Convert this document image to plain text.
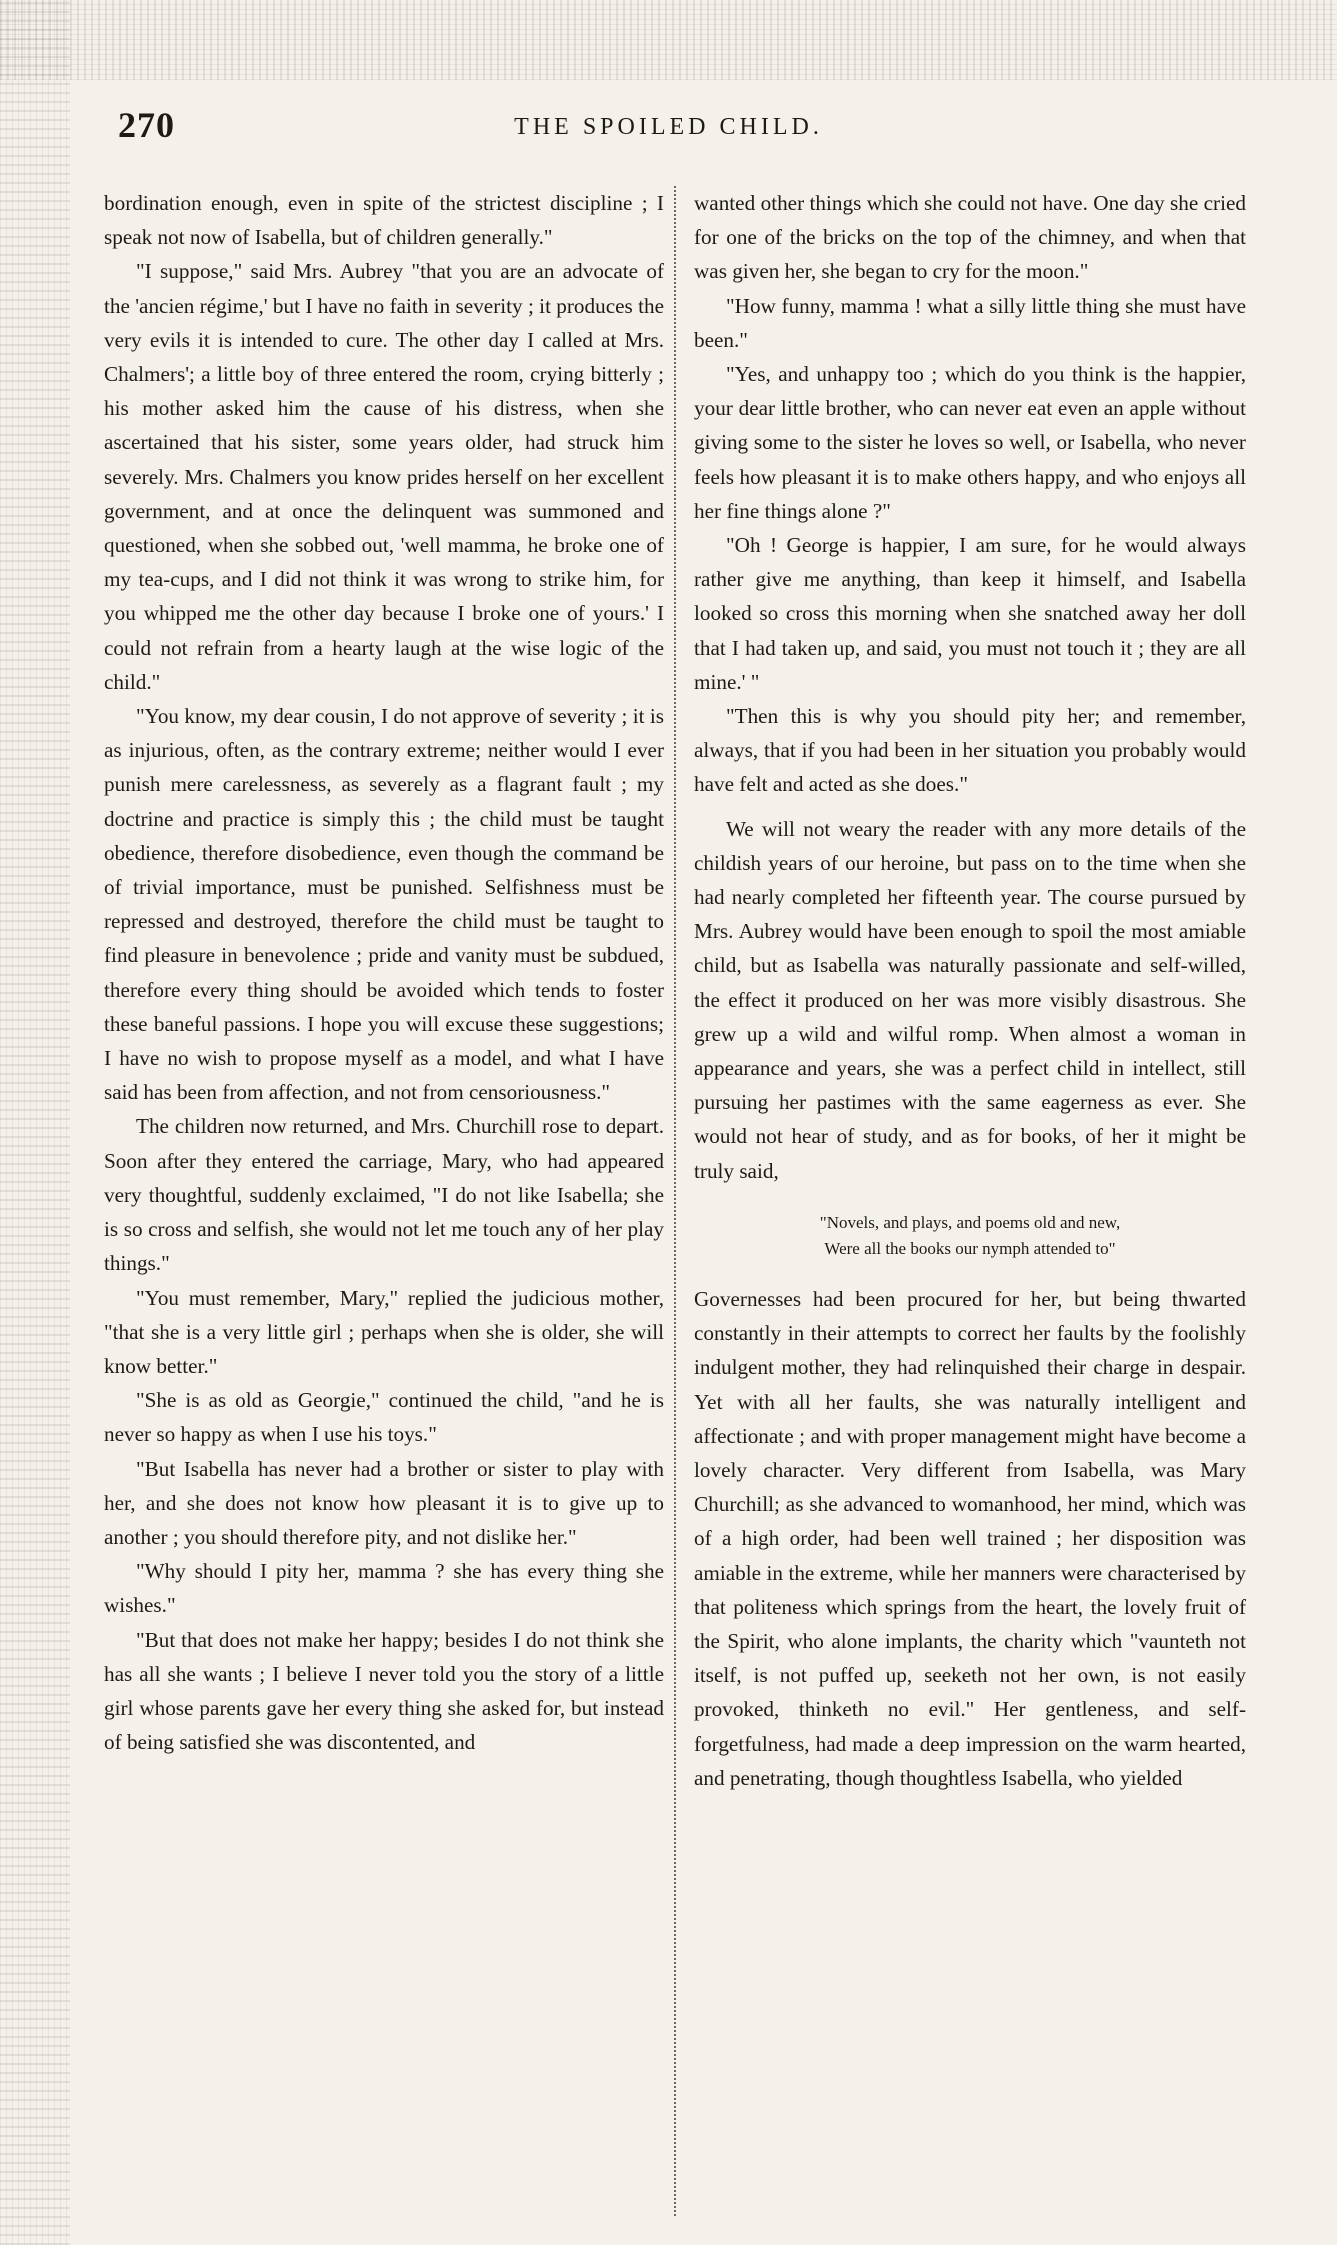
270	THE SPOILED CHILD.

bordination enough, even in spite of the strictest discipline ; I speak not now of Isabella, but of children generally."

"I suppose," said Mrs. Aubrey "that you are an advocate of the 'ancien régime,' but I have no faith in severity ; it produces the very evils it is intended to cure. The other day I called at Mrs. Chalmers'; a little boy of three entered the room, crying bitterly ; his mother asked him the cause of his distress, when she ascertained that his sister, some years older, had struck him severely. Mrs. Chalmers you know prides herself on her excellent government, and at once the delinquent was summoned and questioned, when she sobbed out, 'well mamma, he broke one of my tea-cups, and I did not think it was wrong to strike him, for you whipped me the other day because I broke one of yours.' I could not refrain from a hearty laugh at the wise logic of the child."

"You know, my dear cousin, I do not approve of severity ; it is as injurious, often, as the contrary extreme; neither would I ever punish mere carelessness, as severely as a flagrant fault ; my doctrine and practice is simply this ; the child must be taught obedience, therefore disobedience, even though the command be of trivial importance, must be punished. Selfishness must be repressed and destroyed, therefore the child must be taught to find pleasure in benevolence ; pride and vanity must be subdued, therefore every thing should be avoided which tends to foster these baneful passions. I hope you will excuse these suggestions; I have no wish to propose myself as a model, and what I have said has been from affection, and not from censoriousness."

The children now returned, and Mrs. Churchill rose to depart. Soon after they entered the carriage, Mary, who had appeared very thoughtful, suddenly exclaimed, "I do not like Isabella; she is so cross and selfish, she would not let me touch any of her play things."

"You must remember, Mary," replied the judicious mother, "that she is a very little girl ; perhaps when she is older, she will know better."

"She is as old as Georgie," continued the child, "and he is never so happy as when I use his toys."

"But Isabella has never had a brother or sister to play with her, and she does not know how pleasant it is to give up to another ; you should therefore pity, and not dislike her."

"Why should I pity her, mamma ? she has every thing she wishes."

"But that does not make her happy; besides I do not think she has all she wants ; I believe I never told you the story of a little girl whose parents gave her every thing she asked for, but instead of being satisfied she was discontented, and

wanted other things which she could not have. One day she cried for one of the bricks on the top of the chimney, and when that was given her, she began to cry for the moon."

"How funny, mamma ! what a silly little thing she must have been."

"Yes, and unhappy too ; which do you think is the happier, your dear little brother, who can never eat even an apple without giving some to the sister he loves so well, or Isabella, who never feels how pleasant it is to make others happy, and who enjoys all her fine things alone ?"

"Oh ! George is happier, I am sure, for he would always rather give me anything, than keep it himself, and Isabella looked so cross this morning when she snatched away her doll that I had taken up, and said, you must not touch it ; they are all mine.' "

"Then this is why you should pity her; and remember, always, that if you had been in her situation you probably would have felt and acted as she does."

We will not weary the reader with any more details of the childish years of our heroine, but pass on to the time when she had nearly completed her fifteenth year. The course pursued by Mrs. Aubrey would have been enough to spoil the most amiable child, but as Isabella was naturally passionate and self-willed, the effect it produced on her was more visibly disastrous. She grew up a wild and wilful romp. When almost a woman in appearance and years, she was a perfect child in intellect, still pursuing her pastimes with the same eagerness as ever. She would not hear of study, and as for books, of her it might be truly said,

"Novels, and plays, and poems old and new,
Were all the books our nymph attended to"

Governesses had been procured for her, but being thwarted constantly in their attempts to correct her faults by the foolishly indulgent mother, they had relinquished their charge in despair. Yet with all her faults, she was naturally intelligent and affectionate ; and with proper management might have become a lovely character. Very different from Isabella, was Mary Churchill; as she advanced to womanhood, her mind, which was of a high order, had been well trained ; her disposition was amiable in the extreme, while her manners were characterised by that politeness which springs from the heart, the lovely fruit of the Spirit, who alone implants, the charity which "vaunteth not itself, is not puffed up, seeketh not her own, is not easily provoked, thinketh no evil." Her gentleness, and self-forgetfulness, had made a deep impression on the warm hearted, and penetrating, though thoughtless Isabella, who yielded
